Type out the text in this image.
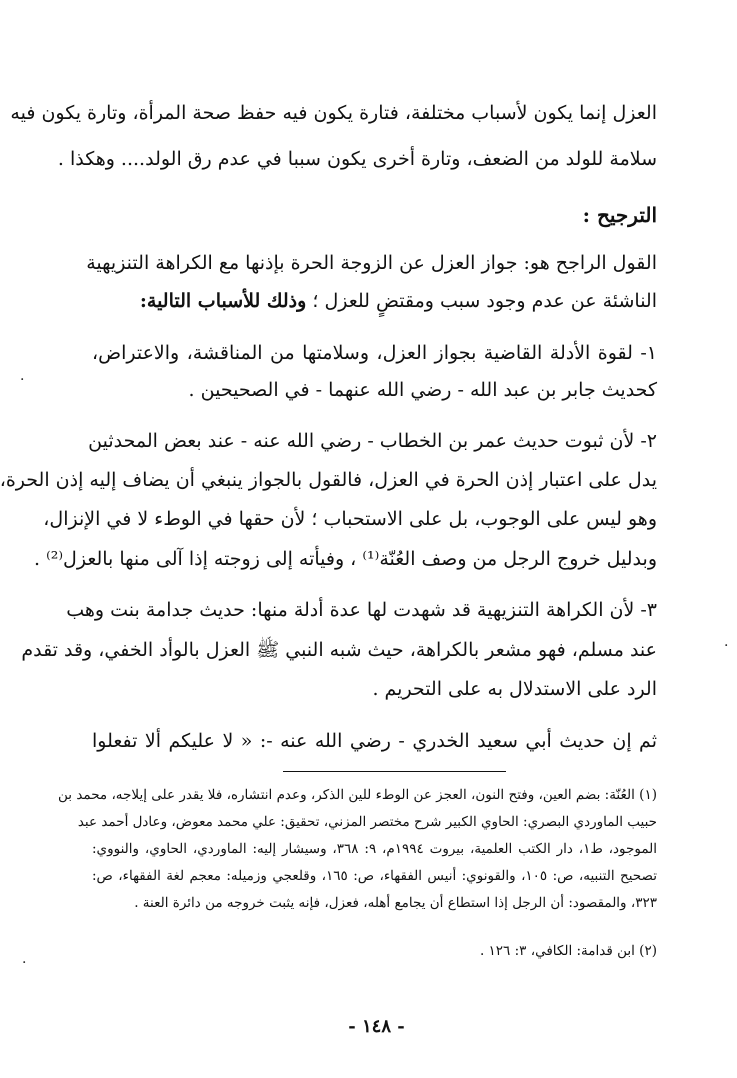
العزل إنما يكون لأسباب مختلفة، فتارة يكون فيه حفظ صحة المرأة، وتارة يكون فيه
سلامة للولد من الضعف، وتارة أخرى يكون سببا في عدم رق الولد.... وهكذا .
الترجيح :
القول الراجح هو: جواز العزل عن الزوجة الحرة بإذنها مع الكراهة التنزيهية
الناشئة عن عدم وجود سبب ومقتضٍ للعزل ؛ وذلك للأسباب التالية:
١- لقوة الأدلة القاضية بجواز العزل، وسلامتها من المناقشة، والاعتراض،
كحديث جابر بن عبد الله - رضي الله عنهما - في الصحيحين .
٢- لأن ثبوت حديث عمر بن الخطاب - رضي الله عنه - عند بعض المحدثين
يدل على اعتبار إذن الحرة في العزل، فالقول بالجواز ينبغي أن يضاف إليه إذن الحرة،
وهو ليس على الوجوب، بل على الاستحباب ؛ لأن حقها في الوطء لا في الإنزال،
وبدليل خروج الرجل من وصف العُنّة⁽¹⁾ ، وفيأته إلى زوجته إذا آلى منها بالعزل⁽²⁾ .
٣- لأن الكراهة التنزيهية قد شهدت لها عدة أدلة منها: حديث جدامة بنت وهب
عند مسلم، فهو مشعر بالكراهة، حيث شبه النبي ﷺ العزل بالوأد الخفي، وقد تقدم
الرد على الاستدلال به على التحريم .
ثم إن حديث أبي سعيد الخدري - رضي الله عنه -: « لا عليكم ألا تفعلوا
(١) العُنّة: بضم العين، وفتح النون، العجز عن الوطء للين الذكر، وعدم انتشاره، فلا يقدر على إيلاجه، محمد بن
حبيب الماوردي البصري: الحاوي الكبير شرح مختصر المزني، تحقيق: علي محمد معوض، وعادل أحمد عبد
الموجود، ط١، دار الكتب العلمية، بيروت ١٩٩٤م، ٩: ٣٦٨، وسيشار إليه: الماوردي، الحاوي، والنووي:
تصحيح التنبيه، ص: ١٠٥، والقونوي: أنيس الفقهاء، ص: ١٦٥، وقلعجي وزميله: معجم لغة الفقهاء، ص:
٣٢٣، والمقصود: أن الرجل إذا استطاع أن يجامع أهله، فعزل، فإنه يثبت خروجه من دائرة العنة .
(٢) ابن قدامة: الكافي، ٣: ١٢٦ .
- ١٤٨ -
·
·
·
